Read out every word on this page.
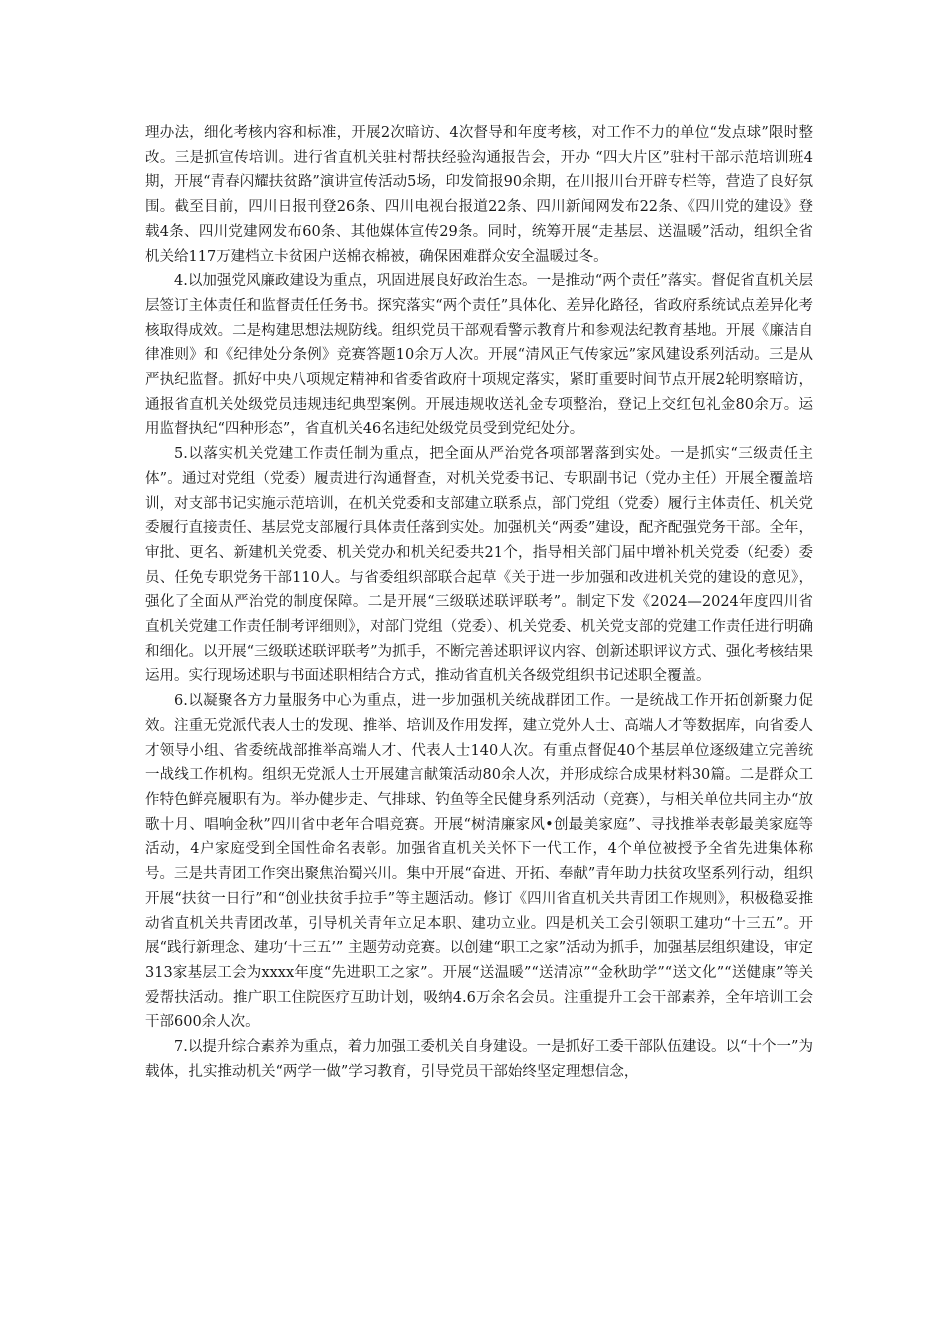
理办法，细化考核内容和标准，开展2次暗访、4次督导和年度考核，对工作不力的单位“发点球”限时整改。三是抓宣传培训。进行省直机关驻村帮扶经验沟通报告会，开办 “四大片区”驻村干部示范培训班4期，开展“青春闪耀扶贫路”演讲宣传活动5场，印发简报90余期，在川报川台开辟专栏等，营造了良好氛围。截至目前，四川日报刊登26条、四川电视台报道22条、四川新闻网发布22条、《四川党的建设》登载4条、四川党建网发布60条、其他媒体宣传29条。同时，统筹开展“走基层、送温暖”活动，组织全省机关给117万建档立卡贫困户送棉衣棉被，确保困难群众安全温暖过冬。

4.以加强党风廉政建设为重点，巩固进展良好政治生态。一是推动“两个责任”落实。督促省直机关层层签订主体责任和监督责任任务书。探究落实“两个责任”具体化、差异化路径，省政府系统试点差异化考核取得成效。二是构建思想法规防线。组织党员干部观看警示教育片和参观法纪教育基地。开展《廉洁自律准则》和《纪律处分条例》竞赛答题10余万人次。开展“清风正气传家远”家风建设系列活动。三是从严执纪监督。抓好中央八项规定精神和省委省政府十项规定落实，紧盯重要时间节点开展2轮明察暗访，通报省直机关处级党员违规违纪典型案例。开展违规收送礼金专项整治，登记上交红包礼金80余万。运用监督执纪“四种形态”，省直机关46名违纪处级党员受到党纪处分。

5.以落实机关党建工作责任制为重点，把全面从严治党各项部署落到实处。一是抓实“三级责任主体”。通过对党组（党委）履责进行沟通督查，对机关党委书记、专职副书记（党办主任）开展全覆盖培训，对支部书记实施示范培训，在机关党委和支部建立联系点，部门党组（党委）履行主体责任、机关党委履行直接责任、基层党支部履行具体责任落到实处。加强机关“两委”建设，配齐配强党务干部。全年，审批、更名、新建机关党委、机关党办和机关纪委共21个，指导相关部门届中增补机关党委（纪委）委员、任免专职党务干部110人。与省委组织部联合起草《关于进一步加强和改进机关党的建设的意见》，强化了全面从严治党的制度保障。二是开展“三级联述联评联考”。制定下发《2024—2024年度四川省直机关党建工作责任制考评细则》，对部门党组（党委）、机关党委、机关党支部的党建工作责任进行明确和细化。以开展“三级联述联评联考”为抓手，不断完善述职评议内容、创新述职评议方式、强化考核结果运用。实行现场述职与书面述职相结合方式，推动省直机关各级党组织书记述职全覆盖。

6.以凝聚各方力量服务中心为重点，进一步加强机关统战群团工作。一是统战工作开拓创新聚力促效。注重无党派代表人士的发现、推举、培训及作用发挥，建立党外人士、高端人才等数据库，向省委人才领导小组、省委统战部推举高端人才、代表人士140人次。有重点督促40个基层单位逐级建立完善统一战线工作机构。组织无党派人士开展建言献策活动80余人次，并形成综合成果材料30篇。二是群众工作特色鲜亮履职有为。举办健步走、气排球、钓鱼等全民健身系列活动（竞赛），与相关单位共同主办“放歌十月、唱响金秋”四川省中老年合唱竞赛。开展“树清廉家风•创最美家庭”、寻找推举表彰最美家庭等活动，4户家庭受到全国性命名表彰。加强省直机关关怀下一代工作，4个单位被授予全省先进集体称号。三是共青团工作突出聚焦治蜀兴川。集中开展“奋进、开拓、奉献”青年助力扶贫攻坚系列行动，组织开展“扶贫一日行”和“创业扶贫手拉手”等主题活动。修订《四川省直机关共青团工作规则》，积极稳妥推动省直机关共青团改革，引导机关青年立足本职、建功立业。四是机关工会引领职工建功“十三五”。开展“践行新理念、建功‘十三五’” 主题劳动竞赛。以创建“职工之家”活动为抓手，加强基层组织建设，审定313家基层工会为xxxx年度“先进职工之家”。开展“送温暖”“送清凉”“金秋助学”“送文化”“送健康”等关爱帮扶活动。推广职工住院医疗互助计划，吸纳4.6万余名会员。注重提升工会干部素养，全年培训工会干部600余人次。

7.以提升综合素养为重点，着力加强工委机关自身建设。一是抓好工委干部队伍建设。以“十个一”为载体，扎实推动机关“两学一做”学习教育，引导党员干部始终坚定理想信念，
